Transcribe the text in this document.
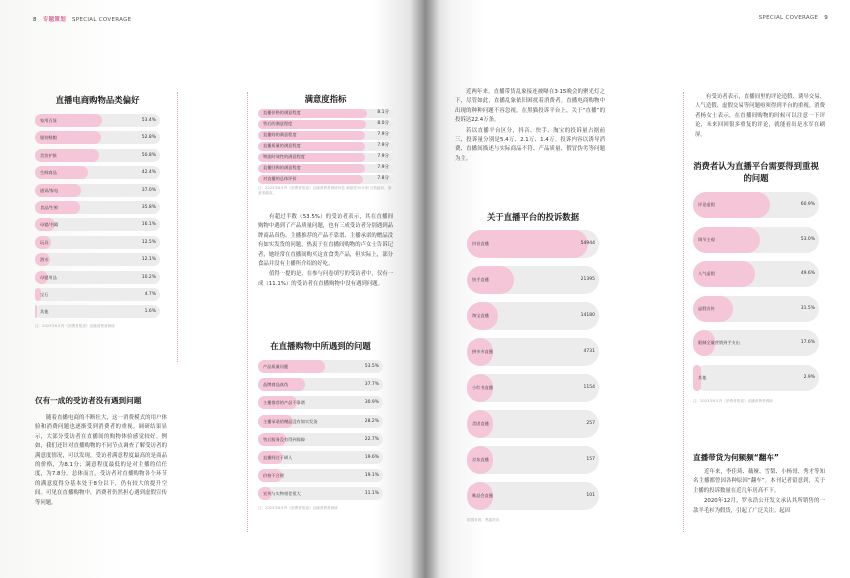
8 专题策划 SPECIAL COVERAGE
直播电商购物品类偏好
家用百货	53.4%
服装鞋帽	52.8%
美妆护肤	50.8%
生鲜商品	42.4%
通讯/家电	37.0%
食品/生鲜	35.8%
母婴/书籍	16.1%
玩具	12.5%
酒水	12.1%
母婴用品	10.2%
宝石	4.7%
其他	1.6%
注：2023年6月内《消费者报道》直播消费者调研
仅有一成的受访者没有遇到问题

随着直播电商的不断壮大，这一消费模式的用户体验和消费问题也逐渐受到消费者的重视。调研结果显示，大部分受访者在直播间的购物体验感觉较好。例如，我们还针对直播购物的不同节点调查了解受访者的满意度情况，可以发现，受访者满意程度最高的是商品的价格，为8.1分；满意程度最低的是对主播的信任度，为7.8分。总体而言，受访者对直播购物各个环节的满意度得分基本处于8分以下，仍有较大的提升空间。可见在直播购物中，消费者仍然担心遇到虚假宣传等问题。

满意度指标
直播价格的满意程度	8.1分
售后的满意程度	8.0分
直播间的满意程度	7.9分
直播质量的满意程度	7.9分
物流时效性的满意程度	7.9分
直播回购的满意程度	7.9分
对直播的总体评价	7.8分
注：2023年6月内《消费者报道》直播消费者调研问卷 满意度10分制 分数越高，满意度越高。

有超过半数（53.5%）的受访者表示，其在直播间购物中遇到了产品质量问题，也有三成受访者分别遇到品牌商品真伪、主播推荐的产品不靠谱、主播承诺的赠品没有如实发货的问题，热衷于在直播间购物的卢女士告诉记者，她经常在直播间购买这直食类产品，但实际上，部分食品并没有主播所介绍的好吃。

值得一提的是，在参与问卷填写的受访者中，仅有一成（11.1%）的受访者在直播购物中没有遇到问题。

在直播购物中所遇到的问题
产品质量问题	53.5%
品牌商品真伪	37.7%
主播推荐的产品不靠谱	30.9%
主播承诺的赠品没有如实发货	28.2%
售后服务没有得到保障	22.7%
直播间过于刷人	19.6%
价格不合理	19.1%
宣传与实物相差很大	11.1%
注：2023年6月内《消费者报道》直播消费者调研
SPECIAL COVERAGE 9

近两年来，直播带货乱象接连被曝在3·15晚会的聚光灯之下，尽管如此，直播乱象依旧困扰着消费者。直播电商购物中出现的种种问题不容忽视。在黑猫投诉平台上，关于“直播”的投诉达22.4万条。

若以直播平台区分，抖音、快手、淘宝的投诉量占据前三，投诉量分别是5.4万、2.1万、1.4万。投诉内容以诱导消费、直播间描述与实际商品不符、产品质量、假冒伪劣等问题为主。

关于直播平台的投诉数据
抖音直播	54944
快手直播	21395
淘宝直播	14180
拼多多直播	4731
小红书直播	1154
美团直播	257
京东直播	157
唯品会直播	101
数据来源：黑猫投诉

有受访者表示，直播间里的评论造假、诱导交易、人气造假、虚假交易等问题亟须得到平台的重视。消费者杨女士表示，在直播间购物的时候可以注意一下评论，未来回回很多重复的评论，就能看出是水军在刷屏。

消费者认为直播平台需要得到重视的问题
评论虚假	60.9%
调节主观	53.0%
人气虚假	49.6%
虚假宣传	31.5%
限制全量营销到手支出	17.6%
其他	2.9%
注：2023年6月内《消费者报道》直播消费者调研
直播带货为何频频“翻车”

近年来，李佳琦、薇娅、雪梨、小杨哥、秀才等知名主播都曾因各种原因“翻车”。本刊记者留意到，关于主播的投诉数量在近几年居高不下。

2020年12月，罗永浩公开发文承认其所销售的一款羊毛衫为假货，引起了广泛关注。起因
